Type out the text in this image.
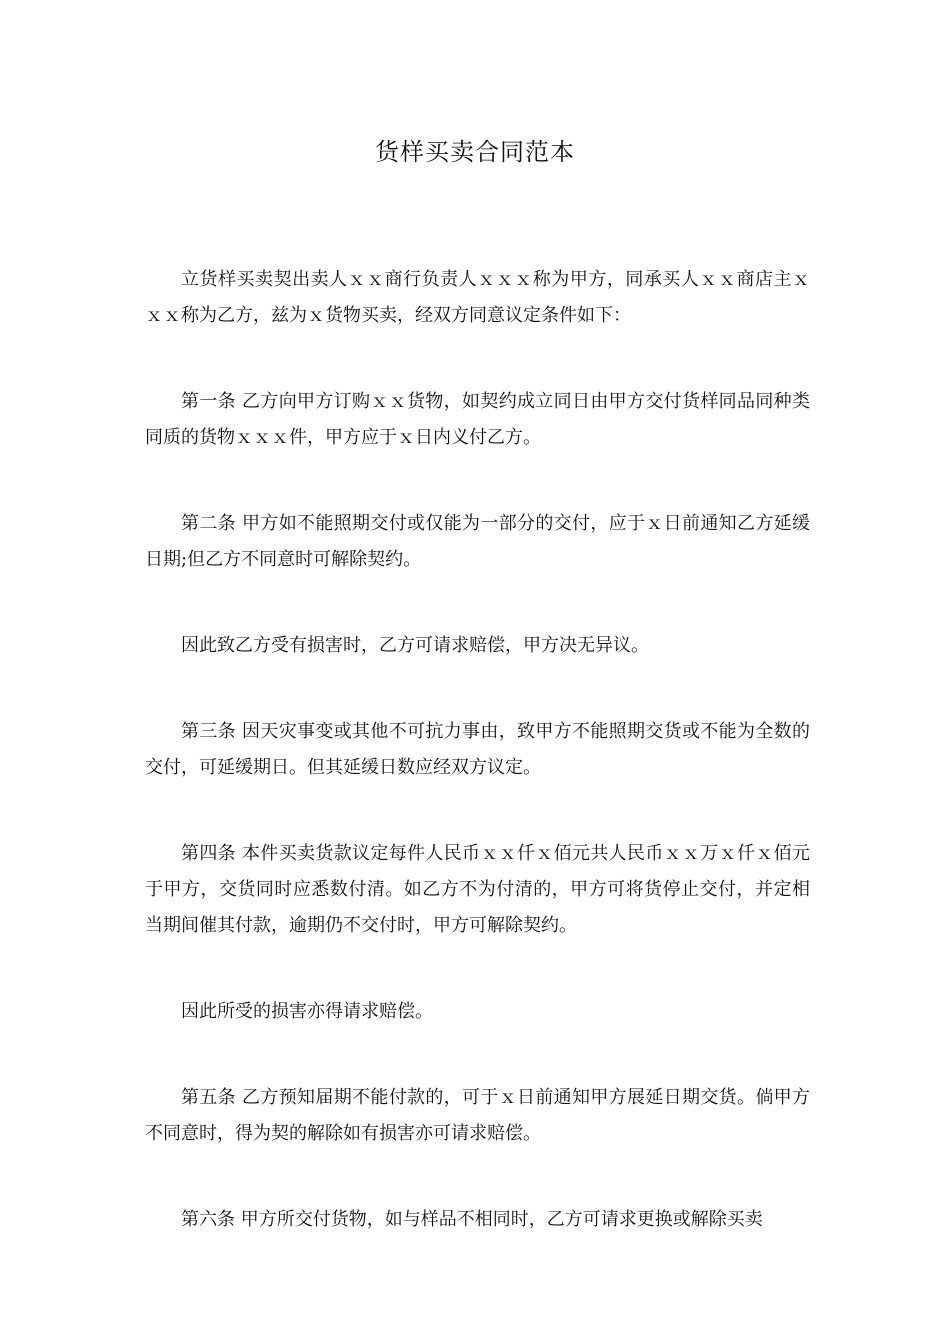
货样买卖合同范本

立货样买卖契出卖人ｘｘ商行负责人ｘｘｘ称为甲方，同承买人ｘｘ商店主ｘｘｘ称为乙方，兹为ｘ货物买卖，经双方同意议定条件如下：

第一条 乙方向甲方订购ｘｘ货物，如契约成立同日由甲方交付货样同品同种类同质的货物ｘｘｘ件，甲方应于ｘ日内义付乙方。

第二条 甲方如不能照期交付或仅能为一部分的交付，应于ｘ日前通知乙方延缓日期;但乙方不同意时可解除契约。

因此致乙方受有损害时，乙方可请求赔偿，甲方决无异议。

第三条 因天灾事变或其他不可抗力事由，致甲方不能照期交货或不能为全数的交付，可延缓期日。但其延缓日数应经双方议定。

第四条 本件买卖货款议定每件人民币ｘｘ仟ｘ佰元共人民币ｘｘ万ｘ仟ｘ佰元于甲方，交货同时应悉数付清。如乙方不为付清的，甲方可将货停止交付，并定相当期间催其付款，逾期仍不交付时，甲方可解除契约。

因此所受的损害亦得请求赔偿。

第五条 乙方预知届期不能付款的，可于ｘ日前通知甲方展延日期交货。倘甲方不同意时，得为契的解除如有损害亦可请求赔偿。

第六条 甲方所交付货物，如与样品不相同时，乙方可请求更换或解除买卖
